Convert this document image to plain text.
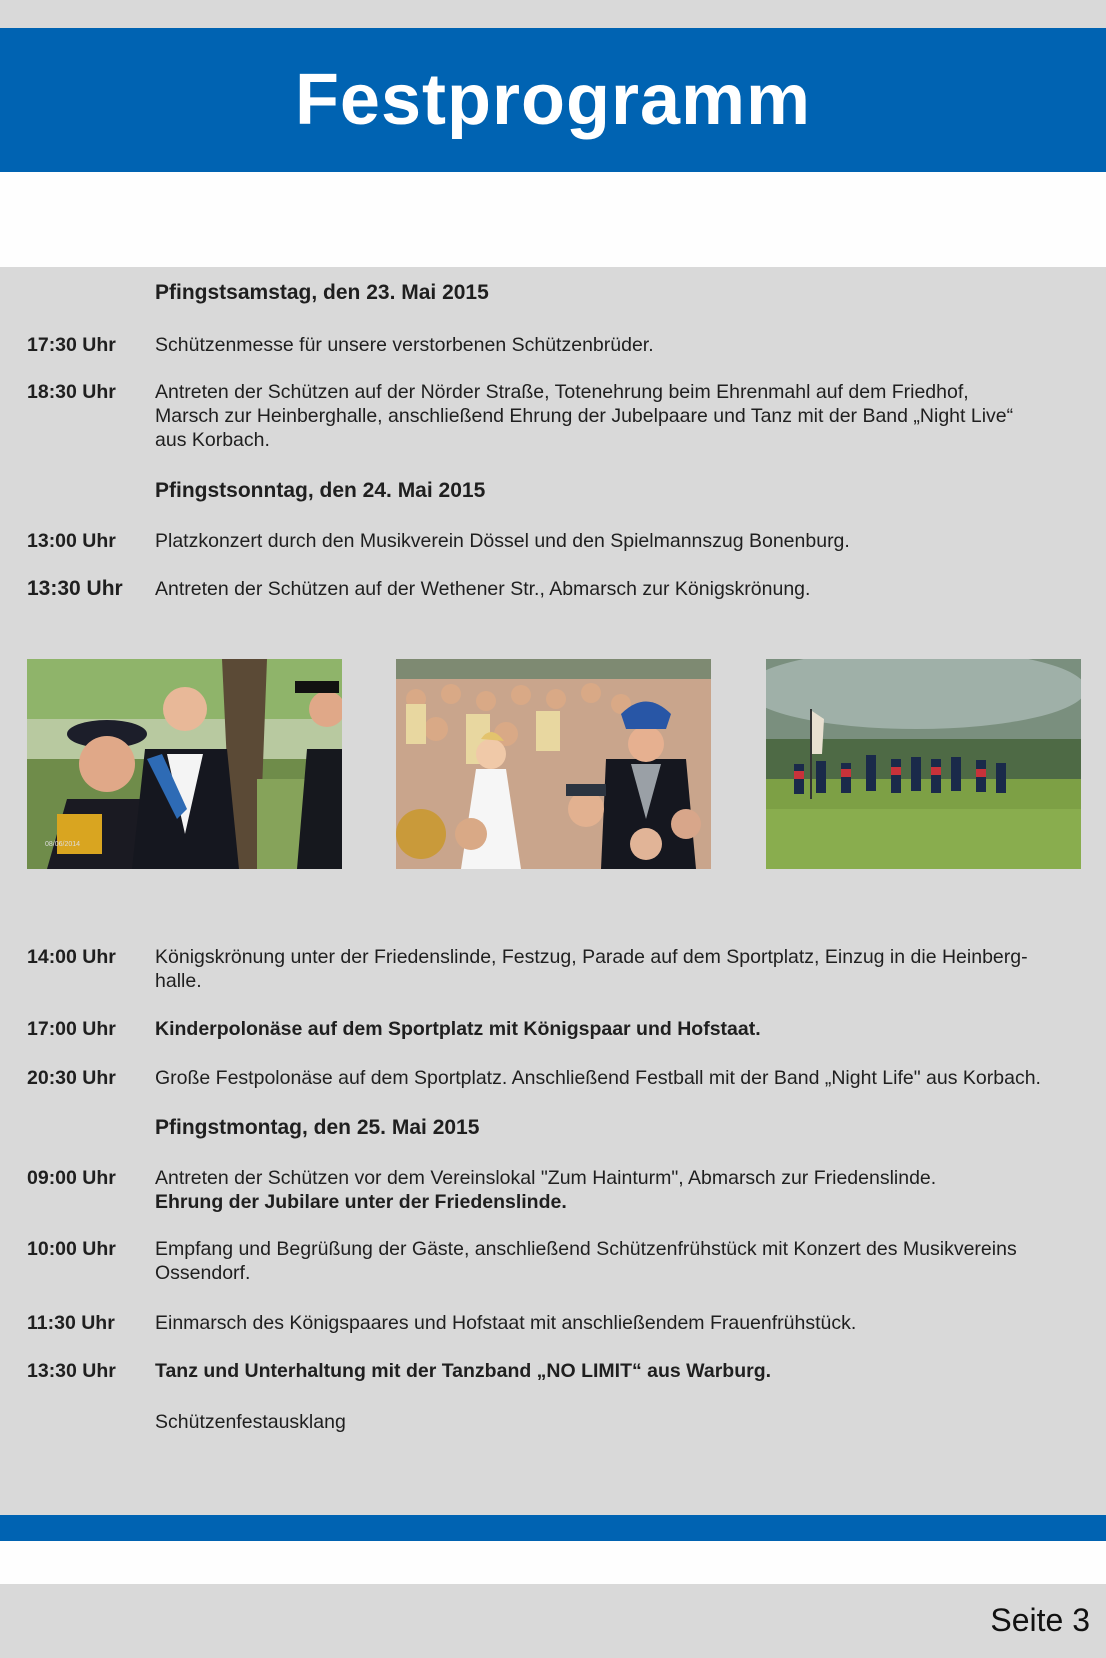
Festprogramm
Pfingstsamstag, den 23. Mai 2015
17:30 Uhr	Schützenmesse für unsere verstorbenen Schützenbrüder.
18:30 Uhr	Antreten der Schützen auf der Nörder Straße, Totenehrung beim Ehrenmahl auf dem Friedhof,
Marsch zur Heinberghalle, anschließend Ehrung der Jubelpaare und Tanz mit der Band „Night Live“
aus Korbach.
Pfingstsonntag, den 24. Mai 2015
13:00 Uhr	Platzkonzert durch den Musikverein Dössel und den Spielmannszug Bonenburg.
13:30 Uhr	Antreten der Schützen auf der Wethener Str., Abmarsch zur Königskrönung.
08/06/2014
14:00 Uhr	Königskrönung unter der Friedenslinde, Festzug, Parade auf dem Sportplatz, Einzug in die Heinberg-
halle.
17:00 Uhr	Kinderpolonäse auf dem Sportplatz mit Königspaar und Hofstaat.
20:30 Uhr	Große Festpolonäse auf dem Sportplatz. Anschließend Festball mit der Band „Night Life" aus Korbach.
Pfingstmontag, den 25. Mai 2015
09:00 Uhr	Antreten der Schützen vor dem Vereinslokal "Zum Hainturm", Abmarsch zur Friedenslinde.
Ehrung der Jubilare unter der Friedenslinde.
10:00 Uhr	Empfang und Begrüßung der Gäste, anschließend Schützenfrühstück mit Konzert des Musikvereins
Ossendorf.
11:30 Uhr	Einmarsch des Königspaares und Hofstaat mit anschließendem Frauenfrühstück.
13:30 Uhr	Tanz und Unterhaltung mit der Tanzband „NO LIMIT“ aus Warburg.
Schützenfestausklang
Seite 3
